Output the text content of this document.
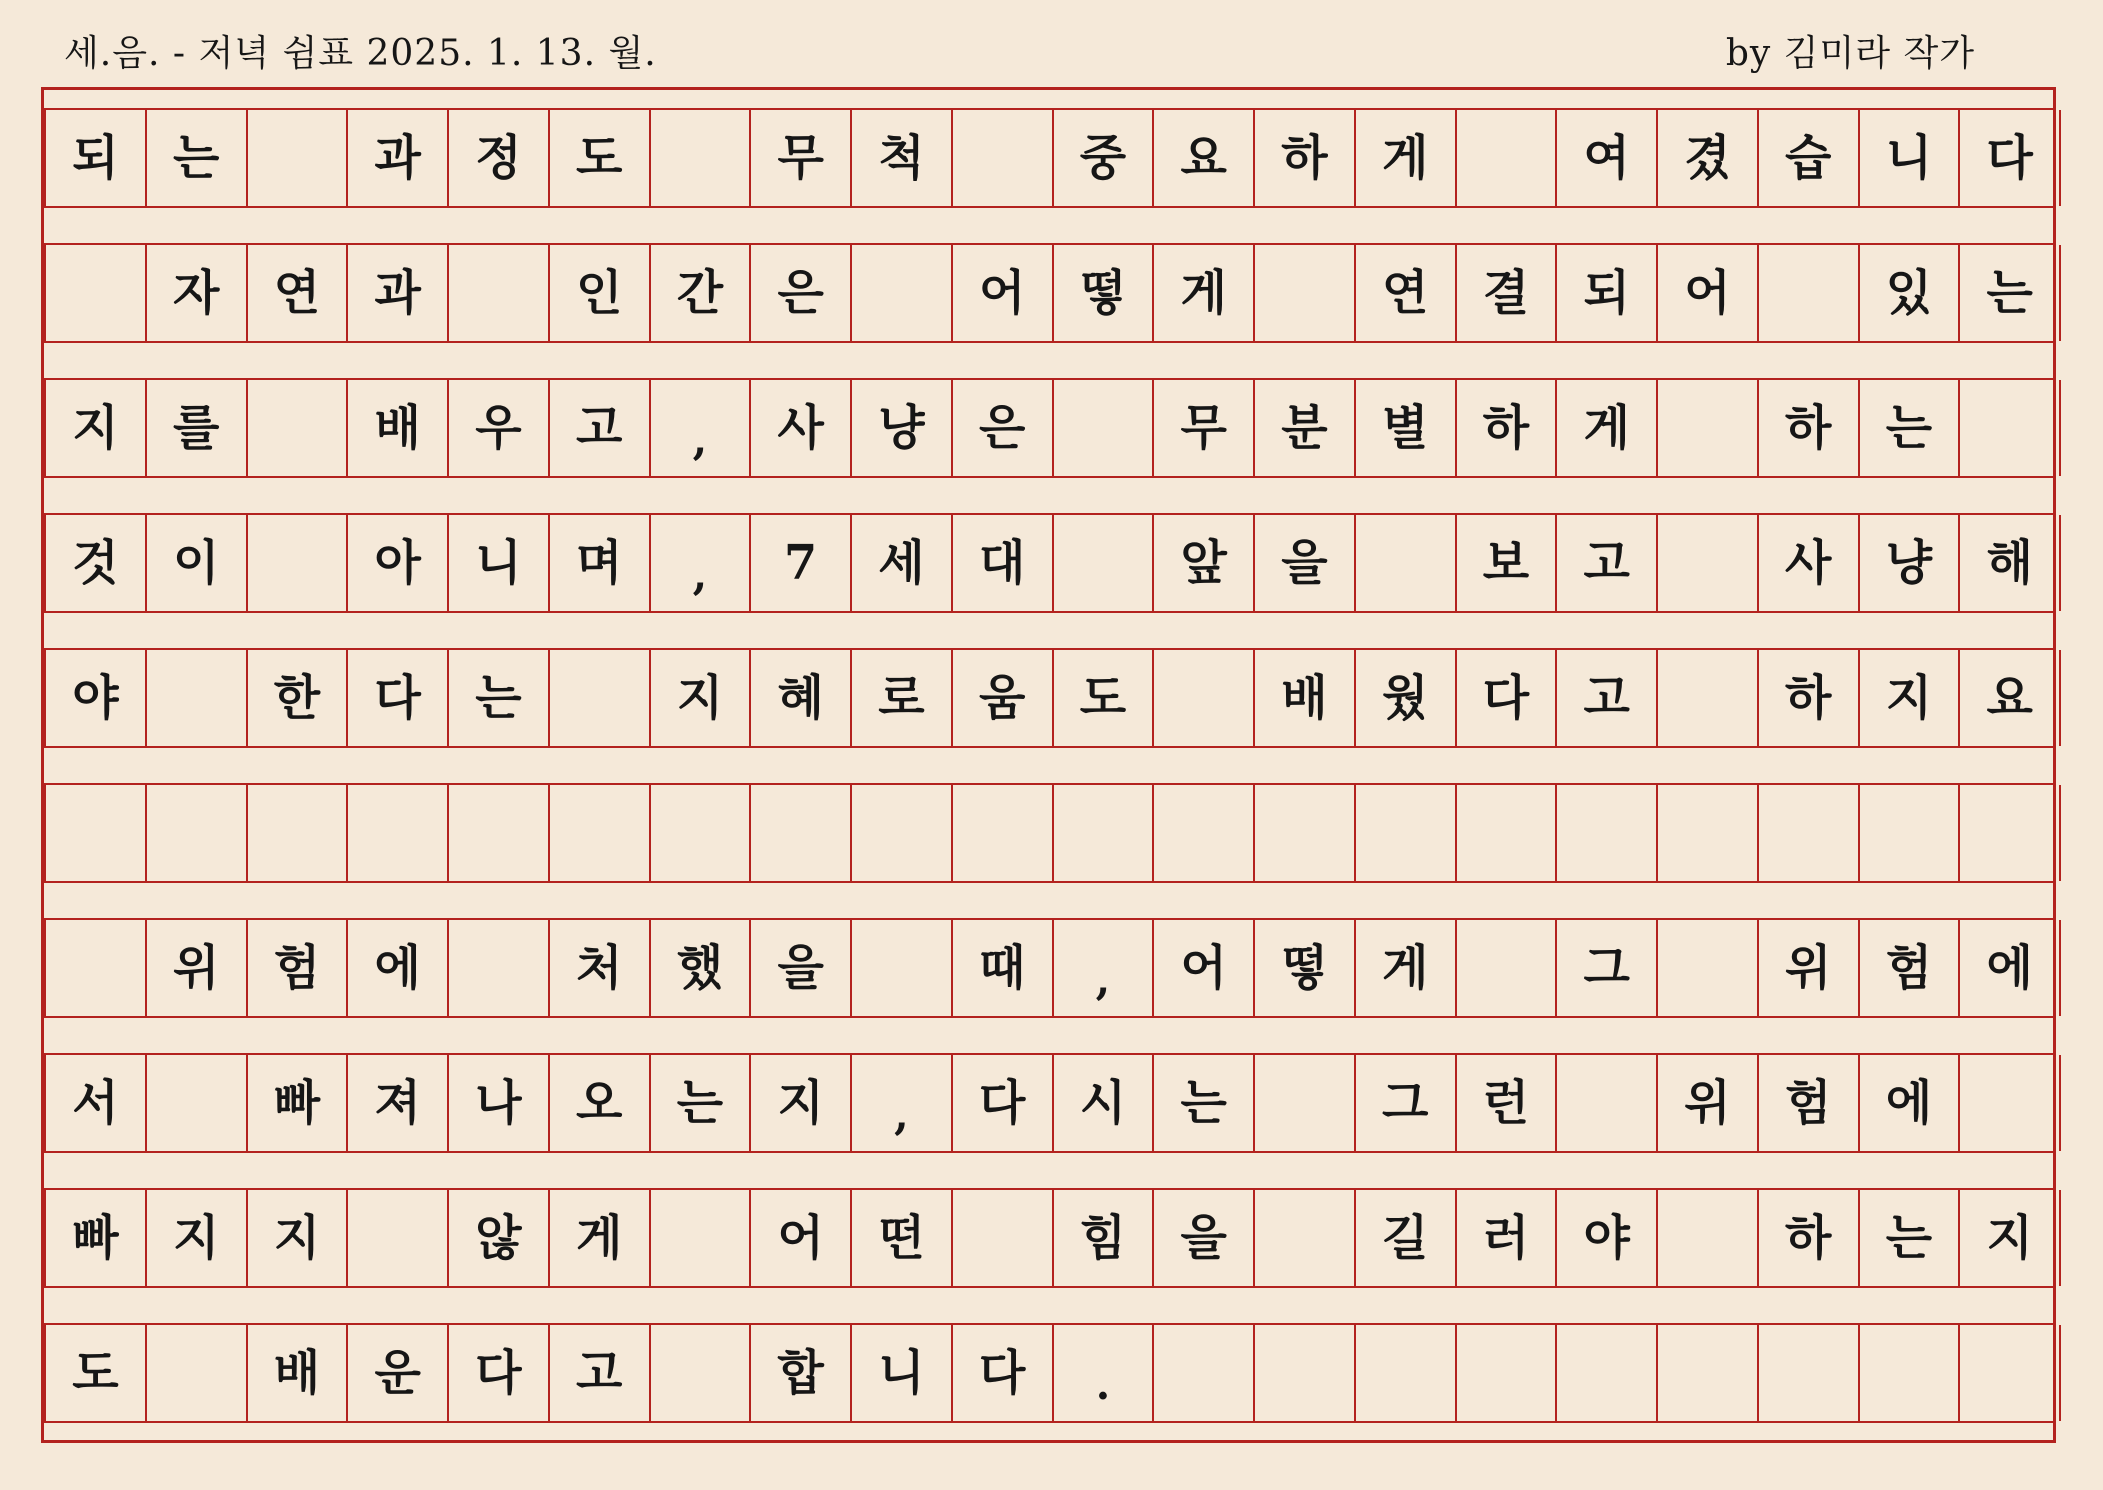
세.음. - 저녁 쉼표 2025. 1. 13. 월.	by 김미라 작가
되 는	과 정 도	무 척	중 요 하 게	여 겼 습 니 다
자 연 과	인 간 은	어 떻 게	연 결 되 어	있 는
지 를	배 우 고 , 사 냥 은	무 분 별 하 게	하 는
것 이	아 니 며 , 7 세 대	앞 을	보 고	사 냥 해
야	한 다 는	지 혜 로 움 도	배 웠 다 고	하 지 요
위 험 에	처 했 을	때 , 어 떻 게	그	위 험 에
서	빠 져 나 오 는 지 , 다 시 는	그 런	위 험 에
빠 지 지	않 게	어 떤	힘 을	길 러 야	하 는 지
도	배 운 다 고	합 니 다 .
